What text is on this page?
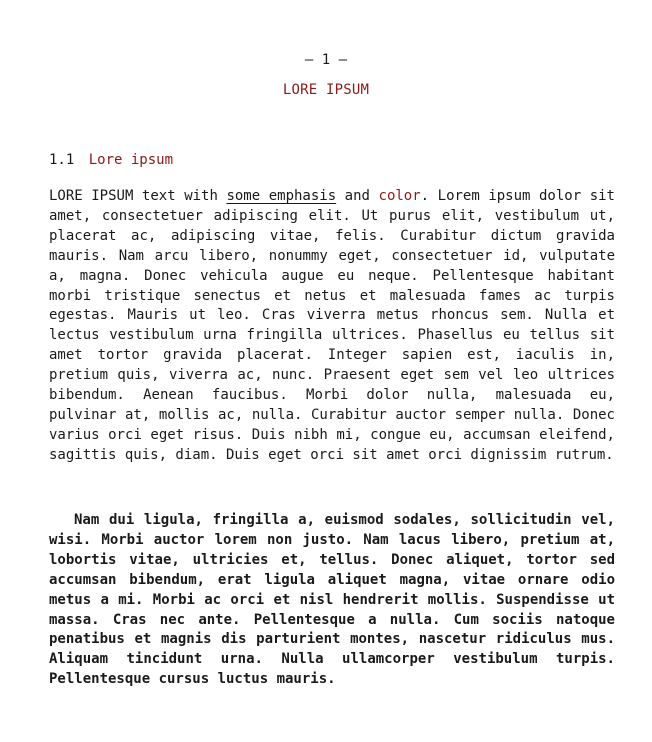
— 1 —
LORE IPSUM
1.1 Lore ipsum

LORE IPSUM text with some emphasis and color. Lorem ipsum dolor sit amet, consectetuer adipiscing elit. Ut purus elit, vestibulum ut, placerat ac, adipiscing vitae, felis. Curabitur dictum gravida mauris. Nam arcu libero, nonummy eget, consectetuer id, vulputate a, magna. Donec vehicula augue eu neque. Pellentesque habitant morbi tristique senectus et netus et malesuada fames ac turpis egestas. Mauris ut leo. Cras viverra metus rhoncus sem. Nulla et lectus vestibulum urna fringilla ultrices. Phasellus eu tellus sit amet tortor gravida placerat. Integer sapien est, iaculis in, pretium quis, viverra ac, nunc. Praesent eget sem vel leo ultrices bibendum. Aenean faucibus. Morbi dolor nulla, malesuada eu, pulvinar at, mollis ac, nulla. Curabitur auctor semper nulla. Donec varius orci eget risus. Duis nibh mi, congue eu, accumsan eleifend, sagittis quis, diam. Duis eget orci sit amet orci dignissim rutrum.

Nam dui ligula, fringilla a, euismod sodales, sollicitudin vel, wisi. Morbi auctor lorem non justo. Nam lacus libero, pretium at, lobortis vitae, ultricies et, tellus. Donec aliquet, tortor sed accumsan bibendum, erat ligula aliquet magna, vitae ornare odio metus a mi. Morbi ac orci et nisl hendrerit mollis. Suspendisse ut massa. Cras nec ante. Pellentesque a nulla. Cum sociis natoque penatibus et magnis dis parturient montes, nascetur ridiculus mus. Aliquam tincidunt urna. Nulla ullamcorper vestibulum turpis. Pellentesque cursus luctus mauris.
